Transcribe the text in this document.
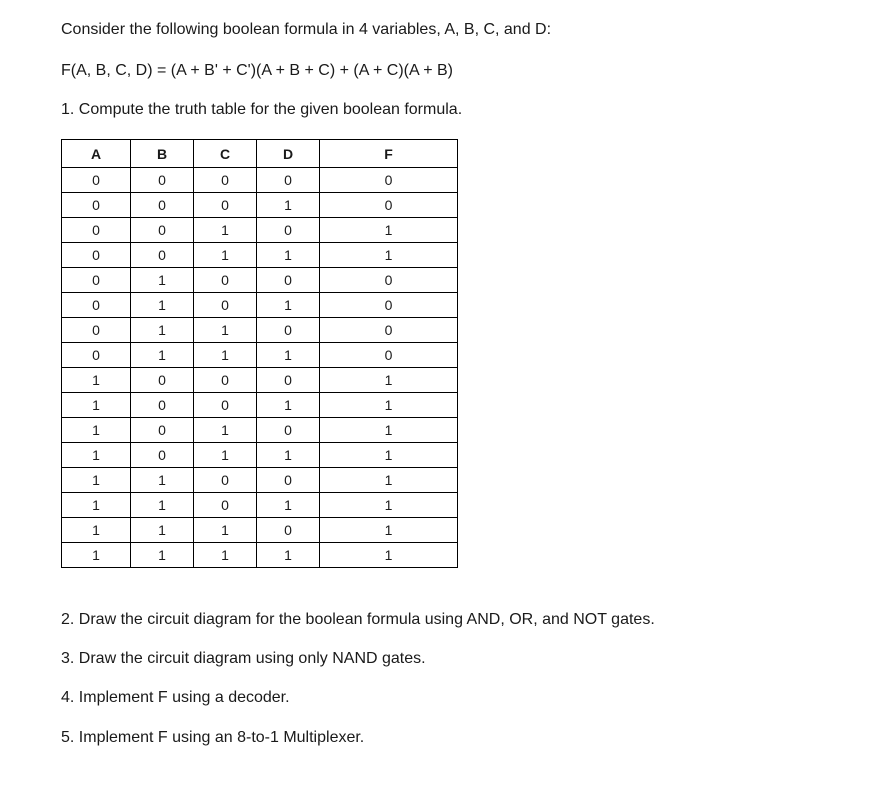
Consider the following boolean formula in 4 variables, A, B, C, and D:

F(A, B, C, D) = (A + B' + C')(A + B + C) + (A + C)(A + B)

1. Compute the truth table for the given boolean formula.

A	B	C	D	F
0	0	0	0	0
0	0	0	1	0
0	0	1	0	1
0	0	1	1	1
0	1	0	0	0
0	1	0	1	0
0	1	1	0	0
0	1	1	1	0
1	0	0	0	1
1	0	0	1	1
1	0	1	0	1
1	0	1	1	1
1	1	0	0	1
1	1	0	1	1
1	1	1	0	1
1	1	1	1	1

2. Draw the circuit diagram for the boolean formula using AND, OR, and NOT gates.

3. Draw the circuit diagram using only NAND gates.

4. Implement F using a decoder.

5. Implement F using an 8-to-1 Multiplexer.
